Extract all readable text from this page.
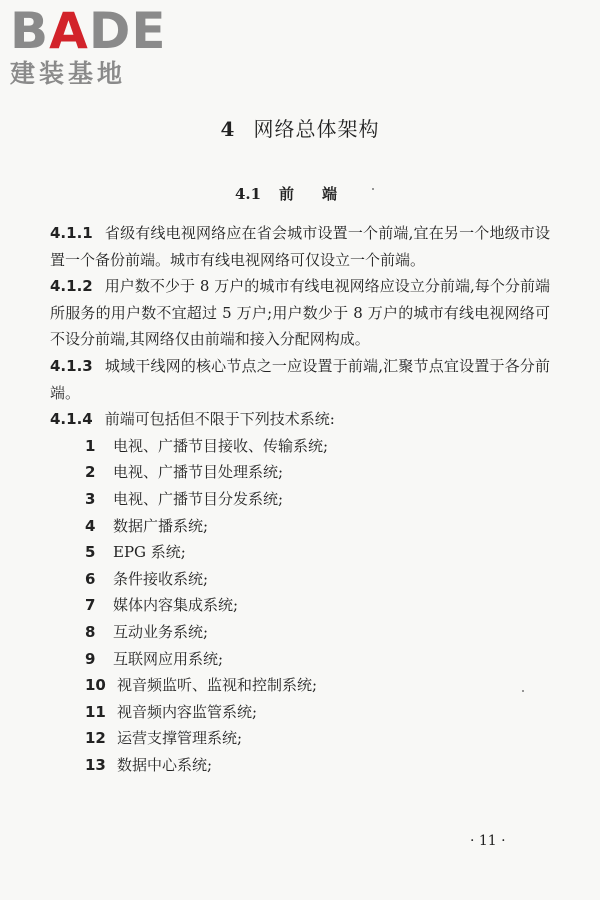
BADE
建装基地
4 网络总体架构
4.1 前端

4.1.1 省级有线电视网络应在省会城市设置一个前端,宜在另一个地级市设置一个备份前端。城市有线电视网络可仅设立一个前端。

4.1.2 用户数不少于 8 万户的城市有线电视网络应设立分前端,每个分前端所服务的用户数不宜超过 5 万户;用户数少于 8 万户的城市有线电视网络可不设分前端,其网络仅由前端和接入分配网构成。

4.1.3 城域干线网的核心节点之一应设置于前端,汇聚节点宜设置于各分前端。

4.1.4 前端可包括但不限于下列技术系统:

1 电视、广播节目接收、传输系统;

2 电视、广播节目处理系统;

3 电视、广播节目分发系统;

4 数据广播系统;

5 EPG 系统;

6 条件接收系统;

7 媒体内容集成系统;

8 互动业务系统;

9 互联网应用系统;

10 视音频监听、监视和控制系统;

11 视音频内容监管系统;

12 运营支撑管理系统;

13 数据中心系统;

· 11 ·
